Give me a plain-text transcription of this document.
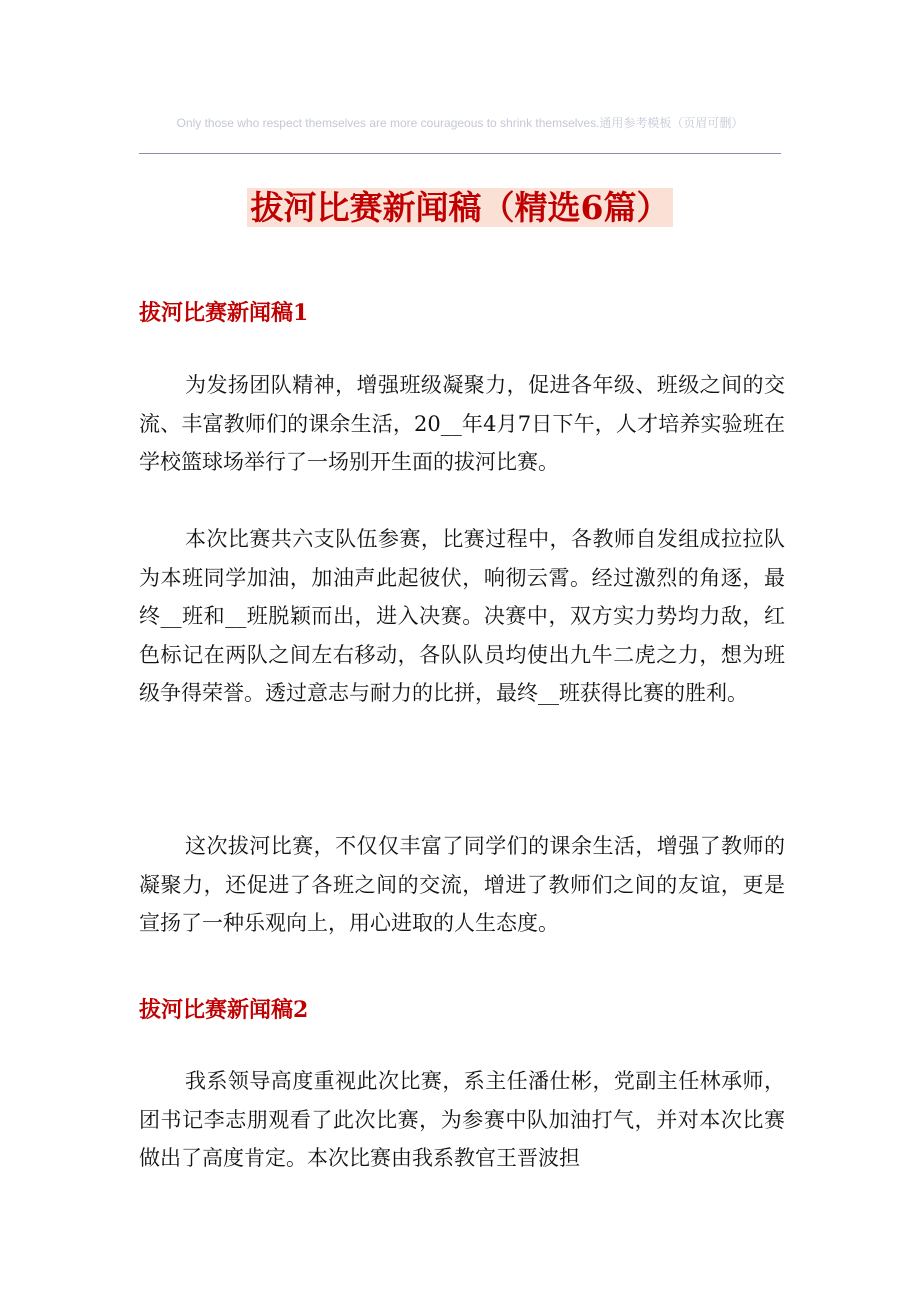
Only those who respect themselves are more courageous to shrink themselves.通用参考模板（页眉可删）
拔河比赛新闻稿（精选6篇）
拔河比赛新闻稿1

为发扬团队精神，增强班级凝聚力，促进各年级、班级之间的交流、丰富教师们的课余生活，20__年4月7日下午，人才培养实验班在学校篮球场举行了一场别开生面的拔河比赛。

本次比赛共六支队伍参赛，比赛过程中，各教师自发组成拉拉队为本班同学加油，加油声此起彼伏，响彻云霄。经过激烈的角逐，最终__班和__班脱颖而出，进入决赛。决赛中，双方实力势均力敌，红色标记在两队之间左右移动，各队队员均使出九牛二虎之力，想为班级争得荣誉。透过意志与耐力的比拼，最终__班获得比赛的胜利。

这次拔河比赛，不仅仅丰富了同学们的课余生活，增强了教师的凝聚力，还促进了各班之间的交流，增进了教师们之间的友谊，更是宣扬了一种乐观向上，用心进取的人生态度。

拔河比赛新闻稿2

我系领导高度重视此次比赛，系主任潘仕彬，党副主任林承师，团书记李志朋观看了此次比赛，为参赛中队加油打气，并对本次比赛做出了高度肯定。本次比赛由我系教官王晋波担
